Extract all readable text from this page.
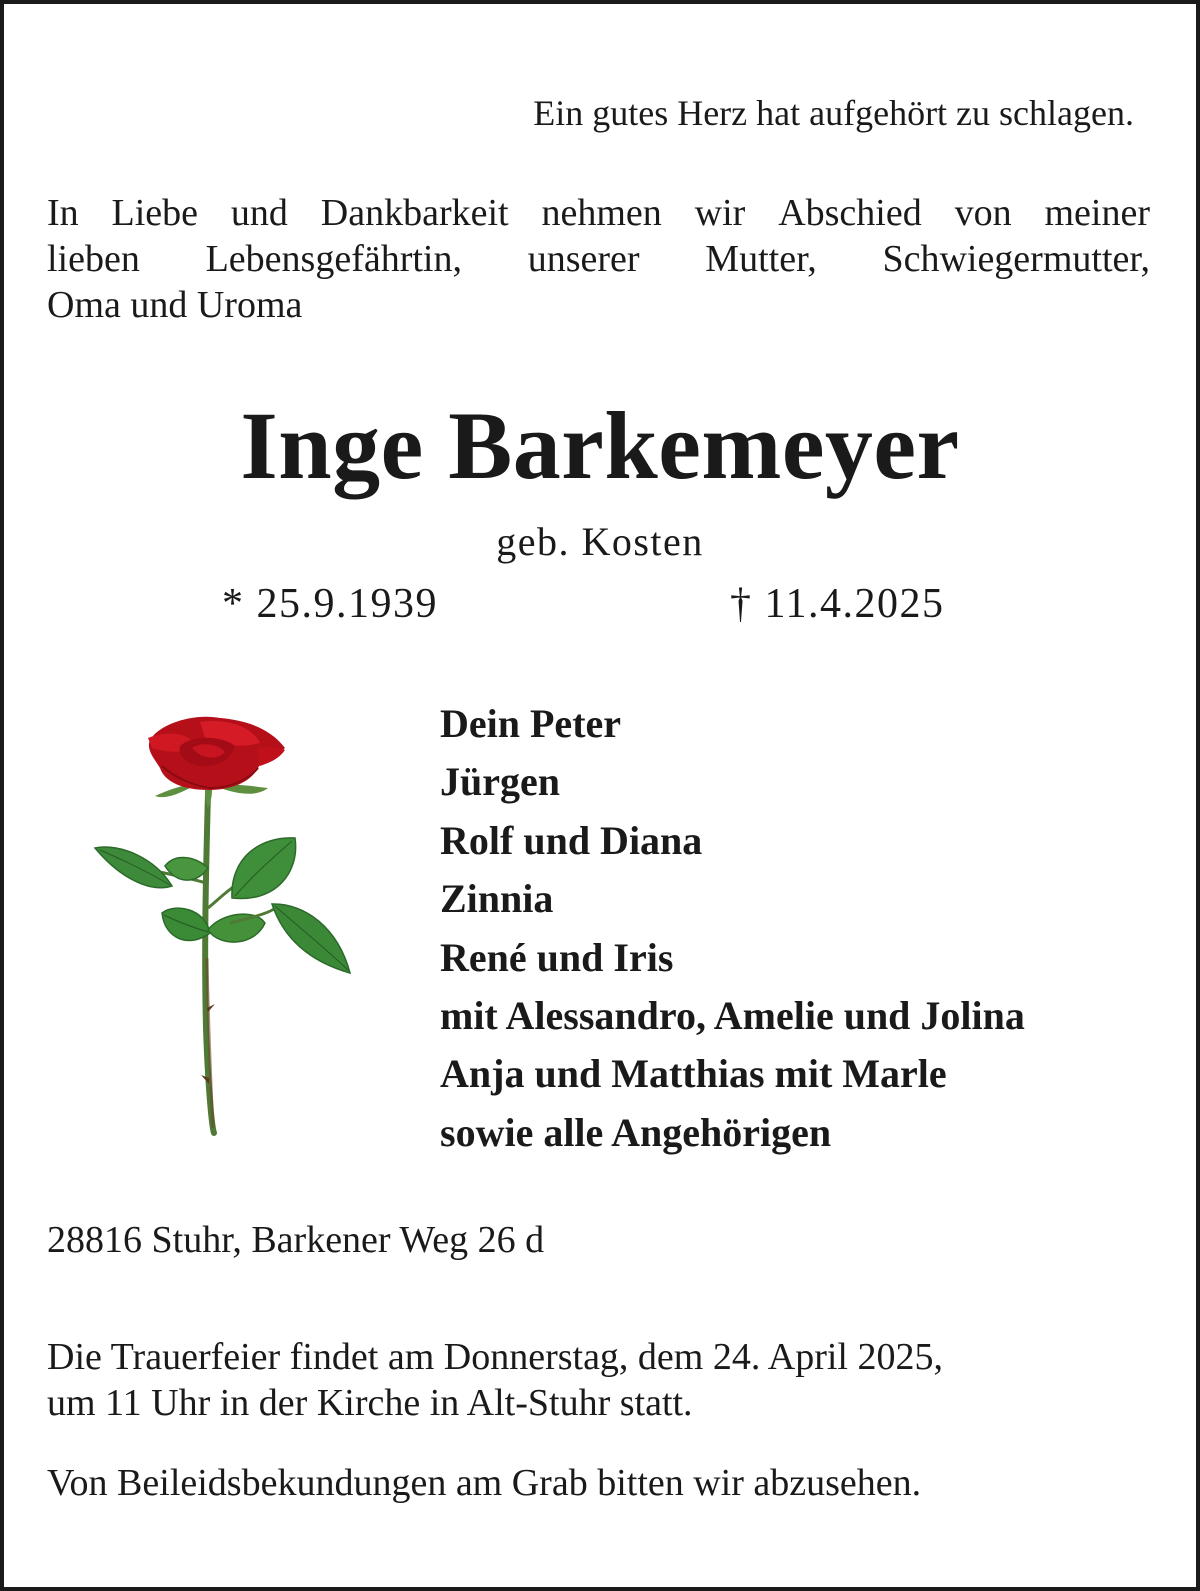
Ein gutes Herz hat aufgehört zu schlagen.
In Liebe und Dankbarkeit nehmen wir Abschied von meiner
lieben Lebensgefährtin, unserer Mutter, Schwiegermutter,
Oma und Uroma
Inge Barkemeyer
geb. Kosten
* 25.9.1939	† 11.4.2025
Dein Peter
Jürgen
Rolf und Diana
Zinnia
René und Iris
mit Alessandro, Amelie und Jolina
Anja und Matthias mit Marle
sowie alle Angehörigen
28816 Stuhr, Barkener Weg 26 d
Die Trauerfeier findet am Donnerstag, dem 24. April 2025,
um 11 Uhr in der Kirche in Alt-Stuhr statt.
Von Beileidsbekundungen am Grab bitten wir abzusehen.
